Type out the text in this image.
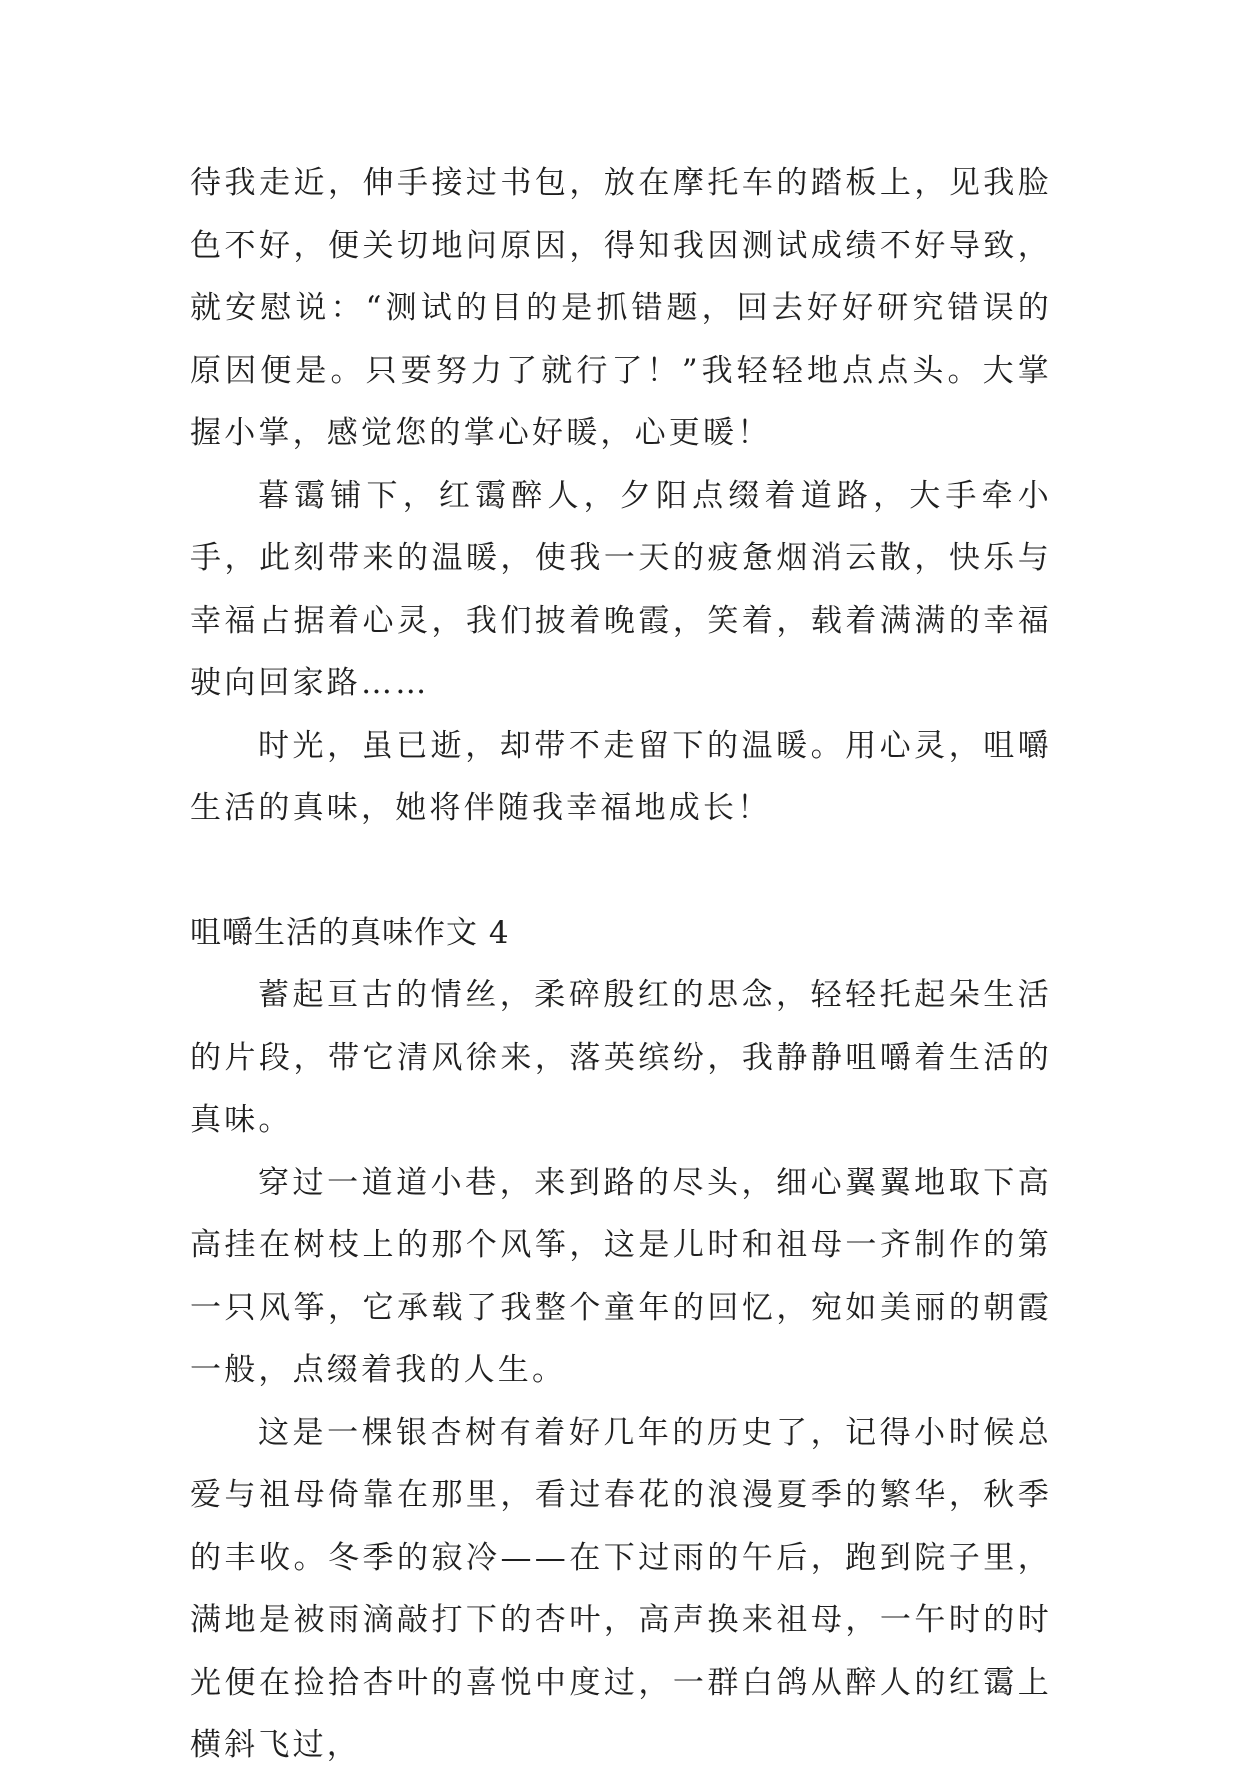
待我走近，伸手接过书包，放在摩托车的踏板上，见我脸色不好，便关切地问原因，得知我因测试成绩不好导致，就安慰说：“测试的目的是抓错题，回去好好研究错误的原因便是。只要努力了就行了！”我轻轻地点点头。大掌握小掌，感觉您的掌心好暖，心更暖！

暮霭铺下，红霭醉人，夕阳点缀着道路，大手牵小手，此刻带来的温暖，使我一天的疲惫烟消云散，快乐与幸福占据着心灵，我们披着晚霞，笑着，载着满满的幸福驶向回家路……

时光，虽已逝，却带不走留下的温暖。用心灵，咀嚼生活的真味，她将伴随我幸福地成长！

咀嚼生活的真味作文 4

蓄起亘古的情丝，柔碎殷红的思念，轻轻托起朵生活的片段，带它清风徐来，落英缤纷，我静静咀嚼着生活的真味。

穿过一道道小巷，来到路的尽头，细心翼翼地取下高高挂在树枝上的那个风筝，这是儿时和祖母一齐制作的第一只风筝，它承载了我整个童年的回忆，宛如美丽的朝霞一般，点缀着我的人生。

这是一棵银杏树有着好几年的历史了，记得小时候总爱与祖母倚靠在那里，看过春花的浪漫夏季的繁华，秋季的丰收。冬季的寂冷——在下过雨的午后，跑到院子里，满地是被雨滴敲打下的杏叶，高声换来祖母，一午时的时光便在捡拾杏叶的喜悦中度过，一群白鸽从醉人的红霭上横斜飞过，
